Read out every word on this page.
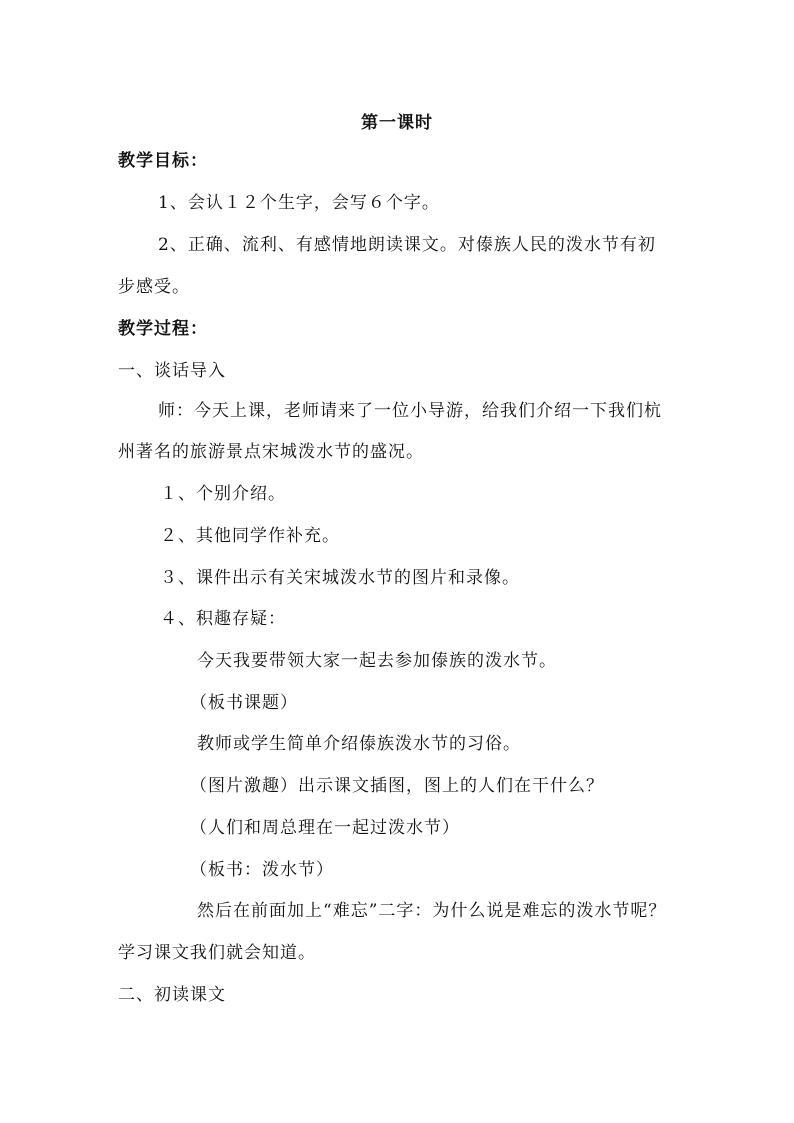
第一课时
教学目标：
1、会认１２个生字，会写６个字。
2、正确、流利、有感情地朗读课文。对傣族人民的泼水节有初
步感受。
教学过程：
一、谈话导入
师：今天上课，老师请来了一位小导游，给我们介绍一下我们杭
州著名的旅游景点宋城泼水节的盛况。
１、个别介绍。
２、其他同学作补充。
３、课件出示有关宋城泼水节的图片和录像。
４、积趣存疑：
今天我要带领大家一起去参加傣族的泼水节。
（板书课题）
教师或学生简单介绍傣族泼水节的习俗。
（图片激趣）出示课文插图，图上的人们在干什么？
（人们和周总理在一起过泼水节）
（板书：泼水节）
然后在前面加上“难忘”二字：为什么说是难忘的泼水节呢？
学习课文我们就会知道。
二、初读课文
